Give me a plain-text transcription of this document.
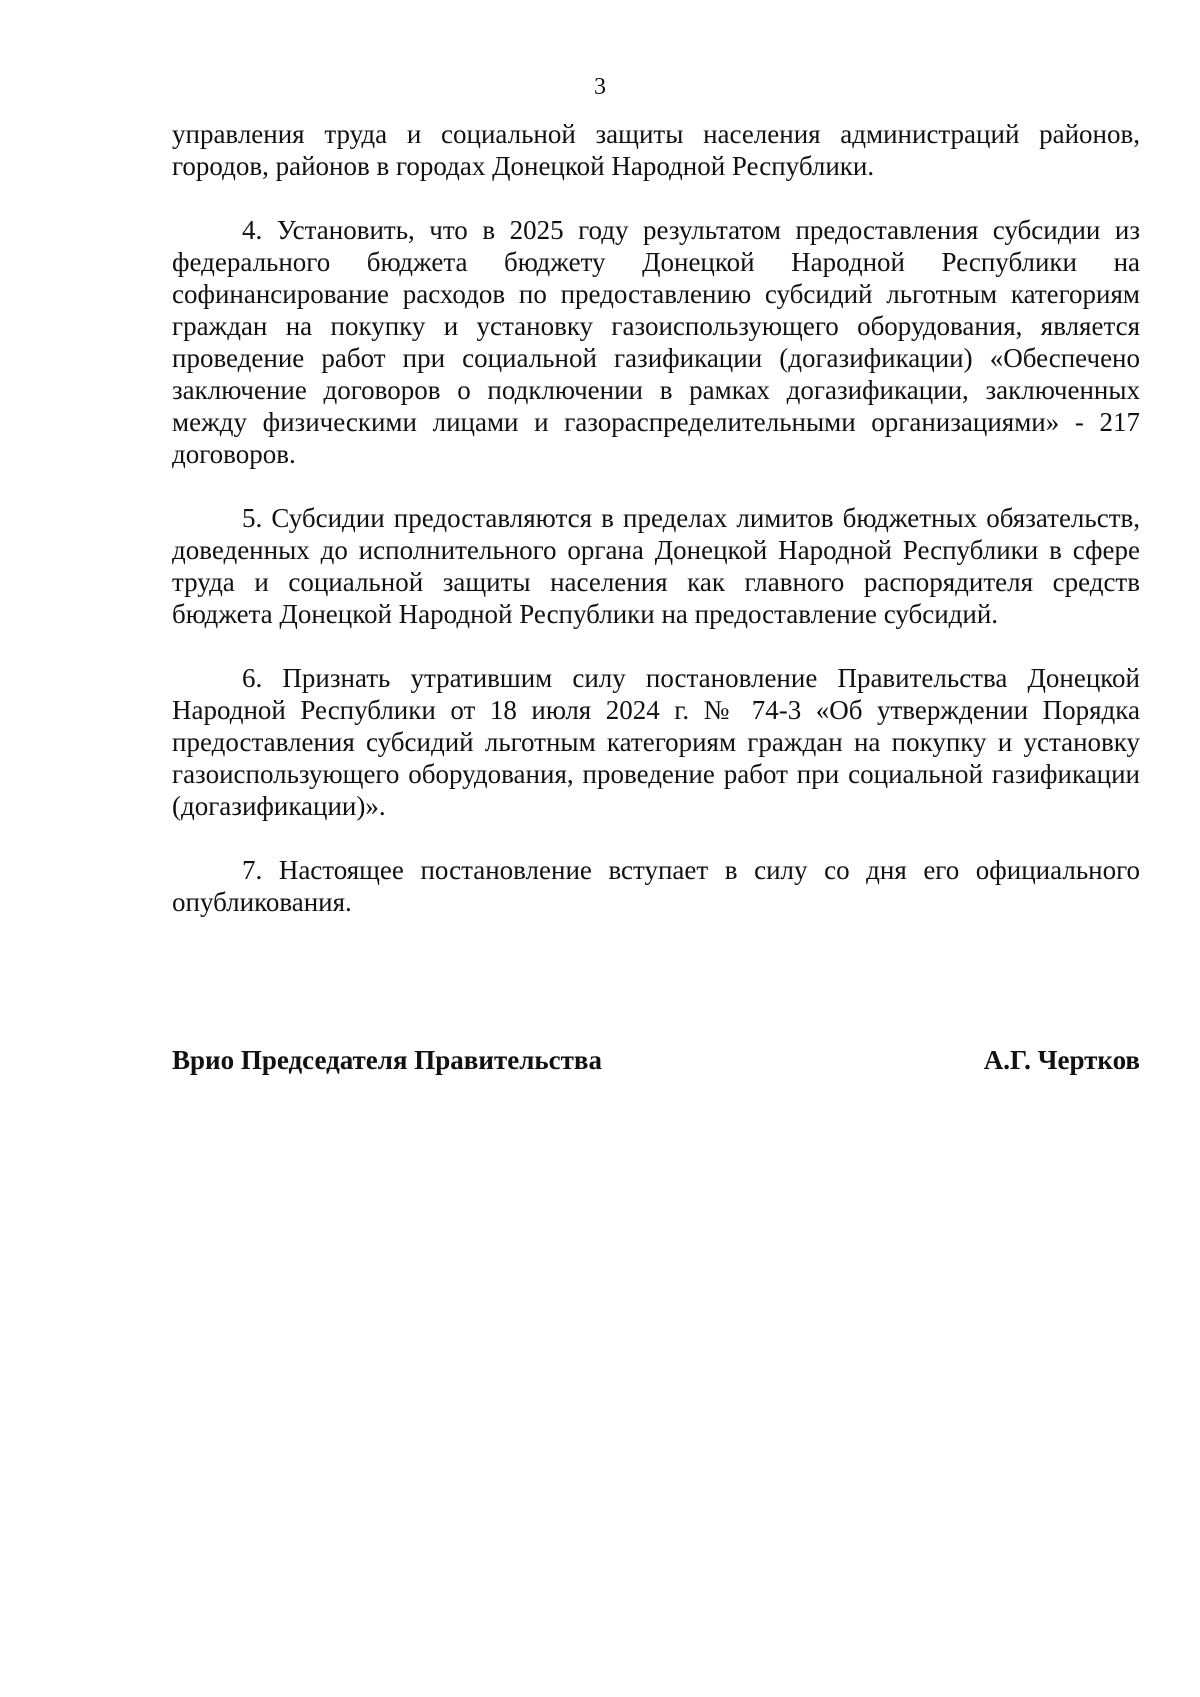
3

управления труда и социальной защиты населения администраций районов, городов, районов в городах Донецкой Народной Республики.

4. Установить, что в 2025 году результатом предоставления субсидии из федерального бюджета бюджету Донецкой Народной Республики на софинансирование расходов по предоставлению субсидий льготным категориям граждан на покупку и установку газоиспользующего оборудования, является проведение работ при социальной газификации (догазификации) «Обеспечено заключение договоров о подключении в рамках догазификации, заключенных между физическими лицами и газораспределительными организациями» - 217 договоров.

5. Субсидии предоставляются в пределах лимитов бюджетных обязательств, доведенных до исполнительного органа Донецкой Народной Республики в сфере труда и социальной защиты населения как главного распорядителя средств бюджета Донецкой Народной Республики на предоставление субсидий.

6. Признать утратившим силу постановление Правительства Донецкой Народной Республики от 18 июля 2024 г. № 74-3 «Об утверждении Порядка предоставления субсидий льготным категориям граждан на покупку и установку газоиспользующего оборудования, проведение работ при социальной газификации (догазификации)».

7. Настоящее постановление вступает в силу со дня его официального опубликования.

Врио Председателя Правительства	А.Г. Чертков
